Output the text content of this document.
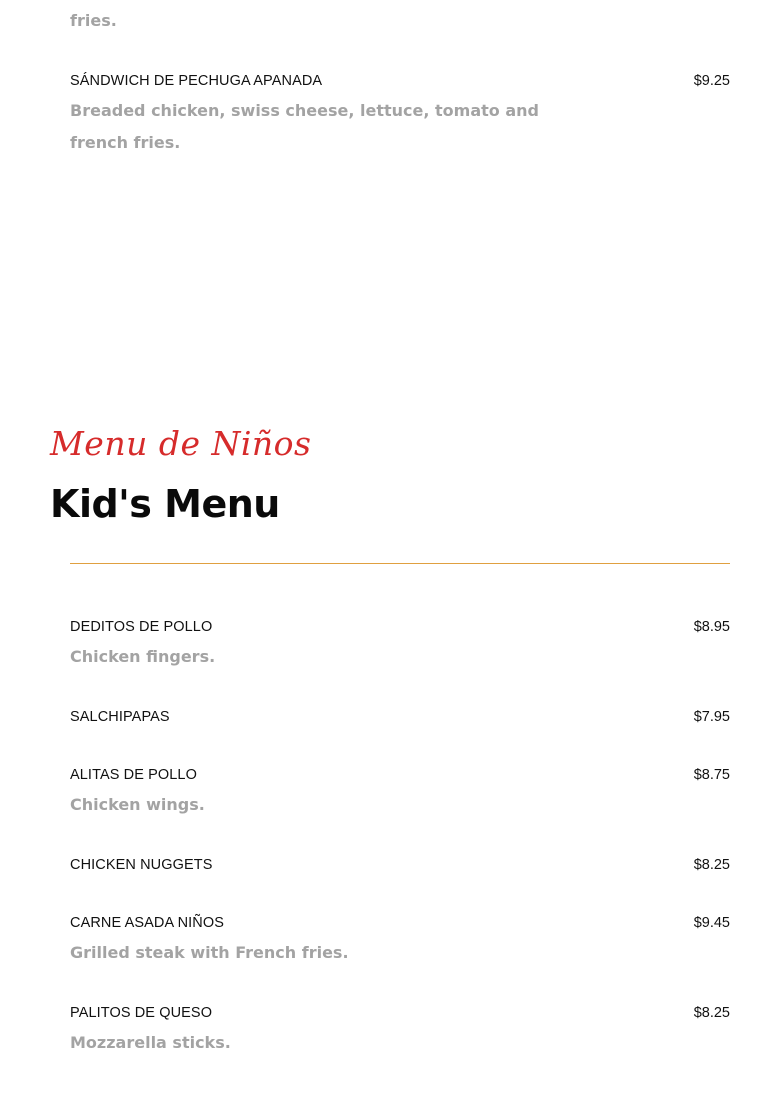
fries.
SÁNDWICH DE PECHUGA APANADA	$9.25
Breaded chicken, swiss cheese, lettuce, tomato and french fries.
Menu de Niños
Kid's Menu
DEDITOS DE POLLO	$8.95
Chicken fingers.
SALCHIPAPAS	$7.95
ALITAS DE POLLO	$8.75
Chicken wings.
CHICKEN NUGGETS	$8.25
CARNE ASADA NIÑOS	$9.45
Grilled steak with French fries.
PALITOS DE QUESO	$8.25
Mozzarella sticks.
